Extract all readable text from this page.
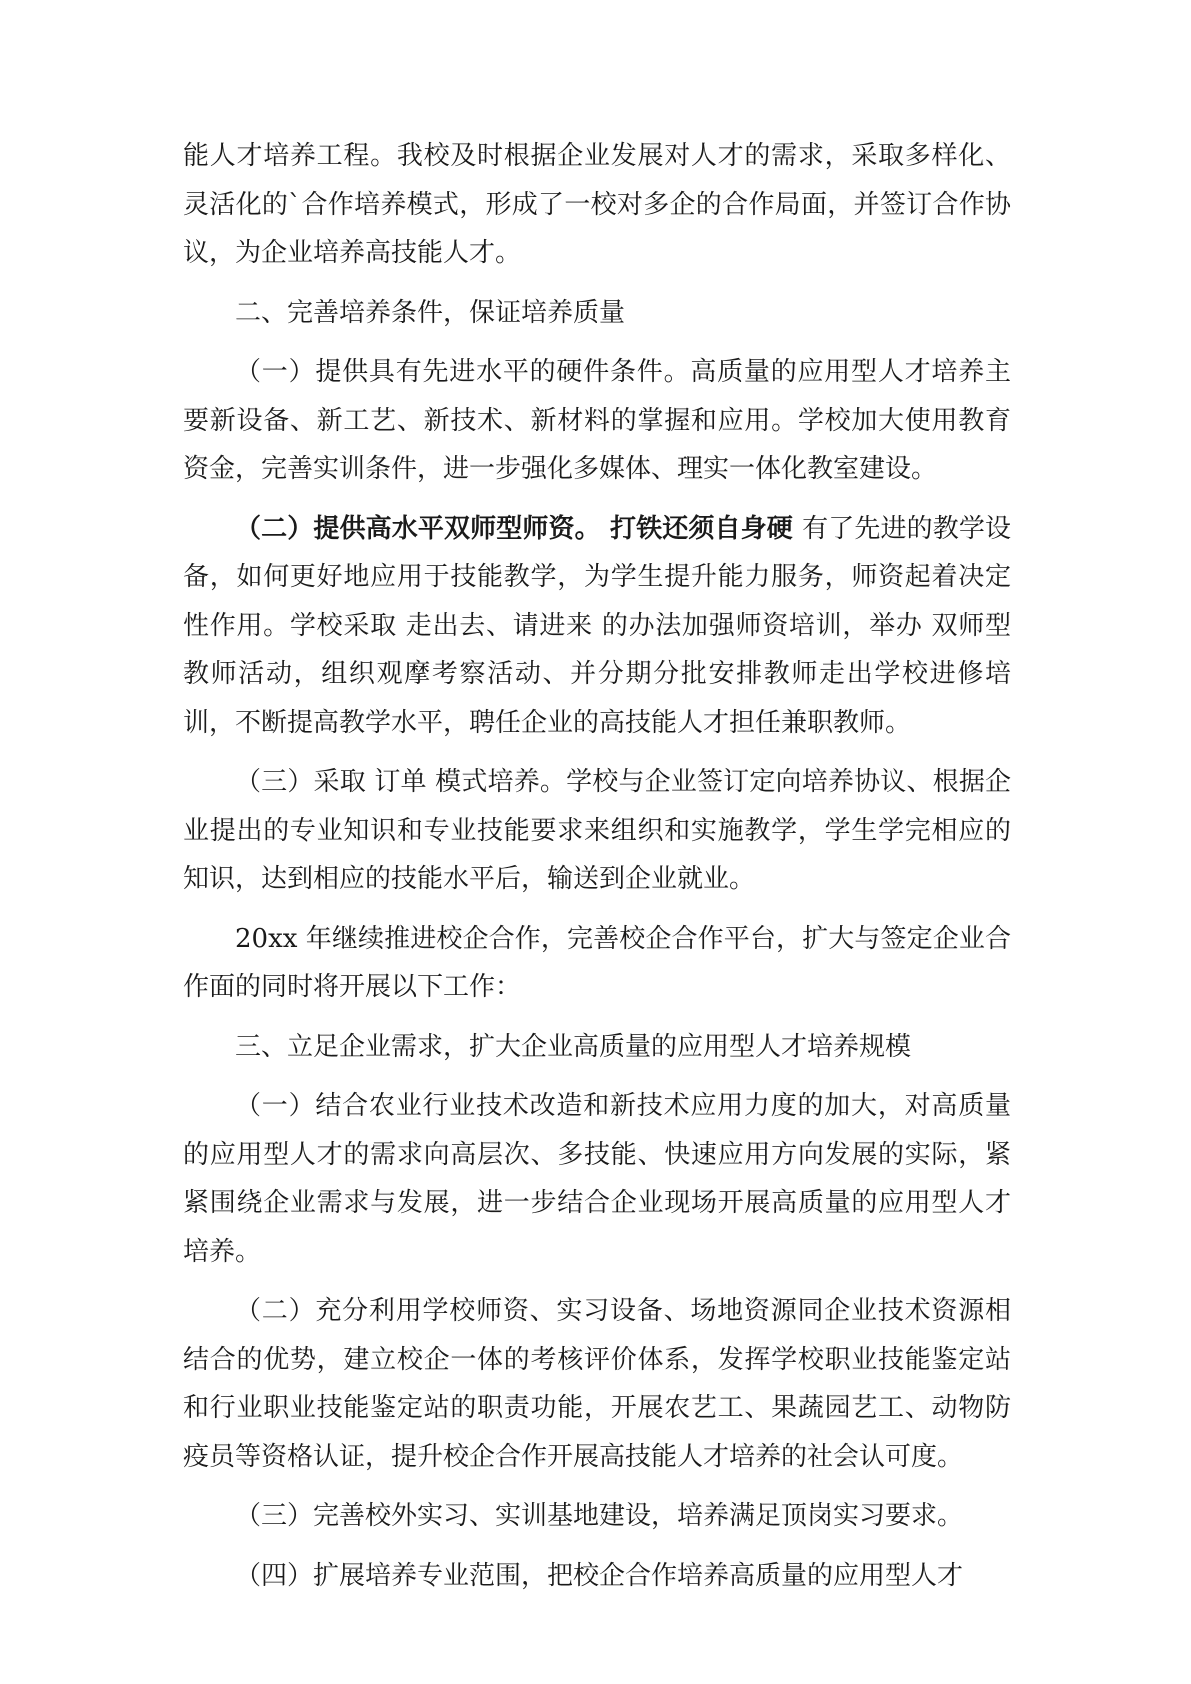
能人才培养工程。我校及时根据企业发展对人才的需求，采取多样化、灵活化的`合作培养模式，形成了一校对多企的合作局面，并签订合作协议，为企业培养高技能人才。

二、完善培养条件，保证培养质量

（一）提供具有先进水平的硬件条件。高质量的应用型人才培养主要新设备、新工艺、新技术、新材料的掌握和应用。学校加大使用教育资金，完善实训条件，进一步强化多媒体、理实一体化教室建设。

（二）提供高水平双师型师资。 打铁还须自身硬 有了先进的教学设备，如何更好地应用于技能教学，为学生提升能力服务，师资起着决定性作用。学校采取 走出去、请进来 的办法加强师资培训，举办 双师型 教师活动，组织观摩考察活动、并分期分批安排教师走出学校进修培训，不断提高教学水平，聘任企业的高技能人才担任兼职教师。

（三）采取 订单 模式培养。学校与企业签订定向培养协议、根据企业提出的专业知识和专业技能要求来组织和实施教学，学生学完相应的知识，达到相应的技能水平后，输送到企业就业。

20xx 年继续推进校企合作，完善校企合作平台，扩大与签定企业合作面的同时将开展以下工作：

三、立足企业需求，扩大企业高质量的应用型人才培养规模

（一）结合农业行业技术改造和新技术应用力度的加大，对高质量的应用型人才的需求向高层次、多技能、快速应用方向发展的实际，紧紧围绕企业需求与发展，进一步结合企业现场开展高质量的应用型人才培养。

（二）充分利用学校师资、实习设备、场地资源同企业技术资源相结合的优势，建立校企一体的考核评价体系，发挥学校职业技能鉴定站和行业职业技能鉴定站的职责功能，开展农艺工、果蔬园艺工、动物防疫员等资格认证，提升校企合作开展高技能人才培养的社会认可度。

（三）完善校外实习、实训基地建设，培养满足顶岗实习要求。

（四）扩展培养专业范围，把校企合作培养高质量的应用型人才
